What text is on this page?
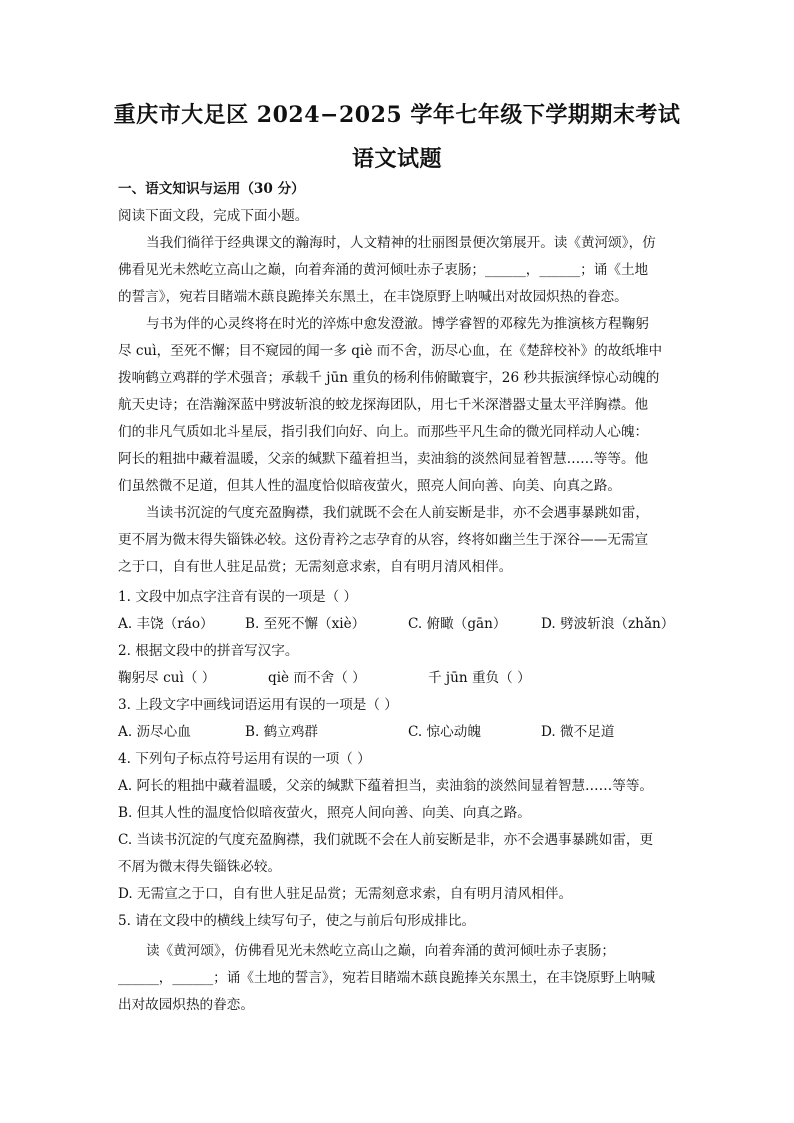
重庆市大足区 2024−2025 学年七年级下学期期末考试
语文试题
一、语文知识与运用（30 分）
阅读下面文段，完成下面小题。
当我们徜徉于经典课文的瀚海时，人文精神的壮丽图景便次第展开。读《黄河颂》，仿
佛看见光未然屹立高山之巅，向着奔涌的黄河倾吐赤子衷肠；______，______；诵《土地
的誓言》，宛若目睹端木蕻良跪捧关东黑土，在丰饶原野上呐喊出对故园炽热的眷恋。
与书为伴的心灵终将在时光的淬炼中愈发澄澈。博学睿智的邓稼先为推演核方程鞠躬
尽 cuì，至死不懈；目不窥园的闻一多 qiè 而不舍，沥尽心血，在《楚辞校补》的故纸堆中
拨响鹤立鸡群的学术强音；承载千 jūn 重负的杨利伟俯瞰寰宇，26 秒共振演绎惊心动魄的
航天史诗；在浩瀚深蓝中劈波斩浪的蛟龙探海团队，用七千米深潜器丈量太平洋胸襟。他
们的非凡气质如北斗星辰，指引我们向好、向上。而那些平凡生命的微光同样动人心魄：
阿长的粗拙中藏着温暖，父亲的缄默下蕴着担当，卖油翁的淡然间显着智慧……等等。他
们虽然微不足道，但其人性的温度恰似暗夜萤火，照亮人间向善、向美、向真之路。
当读书沉淀的气度充盈胸襟，我们就既不会在人前妄断是非，亦不会遇事暴跳如雷，
更不屑为微末得失锱铢必较。这份青衿之志孕育的从容，终将如幽兰生于深谷——无需宣
之于口，自有世人驻足品赏；无需刻意求索，自有明月清风相伴。
1. 文段中加点字注音有误的一项是（ ）
A. 丰饶（ráo）	B. 至死不懈（xiè）	C. 俯瞰（gān）	D. 劈波斩浪（zhǎn）
2. 根据文段中的拼音写汉字。
鞠躬尽 cuì（ ）	qiè 而不舍（ ）	千 jūn 重负（ ）
3. 上段文字中画线词语运用有误的一项是（ ）
A. 沥尽心血	B. 鹤立鸡群	C. 惊心动魄	D. 微不足道
4. 下列句子标点符号运用有误的一项（ ）
A. 阿长的粗拙中藏着温暖，父亲的缄默下蕴着担当，卖油翁的淡然间显着智慧……等等。
B. 但其人性的温度恰似暗夜萤火，照亮人间向善、向美、向真之路。
C. 当读书沉淀的气度充盈胸襟，我们就既不会在人前妄断是非，亦不会遇事暴跳如雷，更
不屑为微末得失锱铢必较。
D. 无需宣之于口，自有世人驻足品赏；无需刻意求索，自有明月清风相伴。
5. 请在文段中的横线上续写句子，使之与前后句形成排比。
读《黄河颂》，仿佛看见光未然屹立高山之巅，向着奔涌的黄河倾吐赤子衷肠；
______，______；诵《土地的誓言》，宛若目睹端木蕻良跪捧关东黑土，在丰饶原野上呐喊
出对故园炽热的眷恋。
